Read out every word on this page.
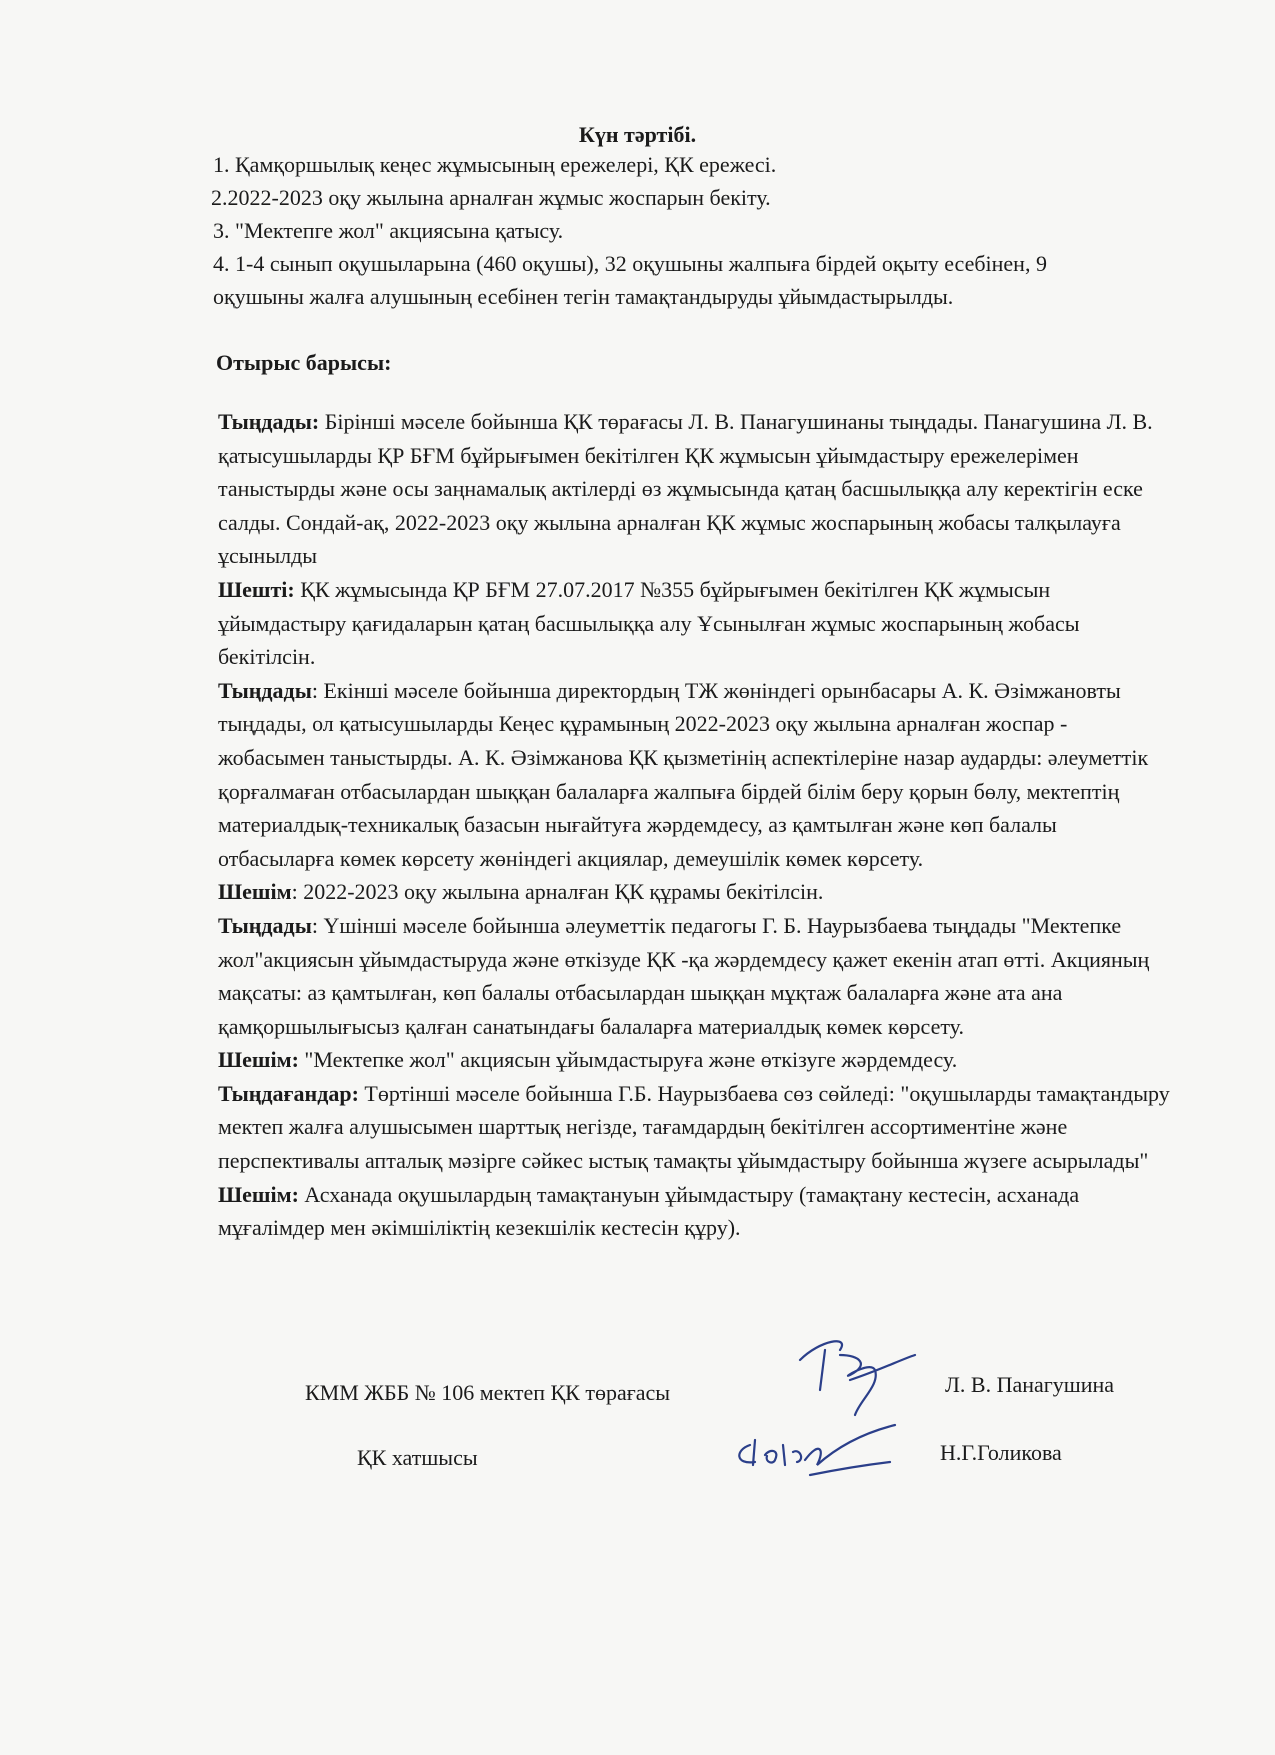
Күн тәртібі.
1. Қамқоршылық кеңес жұмысының ережелері, ҚК ережесі.
2.2022-2023 оқу жылына арналған жұмыс жоспарын бекіту.
3. "Мектепге жол" акциясына қатысу.
4. 1-4 сынып оқушыларына (460 оқушы), 32 оқушыны жалпыға бірдей оқыту есебінен, 9 оқушыны жалға алушының есебінен тегін тамақтандыруды ұйымдастырылды.
Отырыс барысы:

Тыңдады: Бірінші мәселе бойынша ҚК төрағасы Л. В. Панагушинаны тыңдады. Панагушина Л. В. қатысушыларды ҚР БҒМ бұйрығымен бекітілген ҚК жұмысын ұйымдастыру ережелерімен таныстырды және осы заңнамалық актілерді өз жұмысында қатаң басшылыққа алу керектігін еске салды. Сондай-ақ, 2022-2023 оқу жылына арналған ҚК жұмыс жоспарының жобасы талқылауға ұсынылды

Шешті: ҚК жұмысында ҚР БҒМ 27.07.2017 №355 бұйрығымен бекітілген ҚК жұмысын ұйымдастыру қағидаларын қатаң басшылыққа алу Ұсынылған жұмыс жоспарының жобасы бекітілсін.

Тыңдады: Екінші мәселе бойынша директордың ТЖ жөніндегі орынбасары А. К. Әзімжановты тыңдады, ол қатысушыларды Кеңес құрамының 2022-2023 оқу жылына арналған жоспар - жобасымен таныстырды. А. К. Әзімжанова ҚК қызметінің аспектілеріне назар аударды: әлеуметтік қорғалмаған отбасылардан шыққан балаларға жалпыға бірдей білім беру қорын бөлу, мектептің материалдық-техникалық базасын нығайтуға жәрдемдесу, аз қамтылған және көп балалы отбасыларға көмек көрсету жөніндегі акциялар, демеушілік көмек көрсету.

Шешім: 2022-2023 оқу жылына арналған ҚК құрамы бекітілсін.

Тыңдады: Үшінші мәселе бойынша әлеуметтік педагогы Г. Б. Наурызбаева тыңдады "Мектепке жол"акциясын ұйымдастыруда және өткізуде ҚК -қа жәрдемдесу қажет екенін атап өтті. Акцияның мақсаты: аз қамтылған, көп балалы отбасылардан шыққан мұқтаж балаларға және ата ана қамқоршылығысыз қалған санатындағы балаларға материалдық көмек көрсету.

Шешім: "Мектепке жол" акциясын ұйымдастыруға және өткізуге жәрдемдесу.

Тыңдағандар: Төртінші мәселе бойынша Г.Б. Наурызбаева сөз сөйледі: "оқушыларды тамақтандыру мектеп жалға алушысымен шарттық негізде, тағамдардың бекітілген ассортиментіне және перспективалы апталық мәзірге сәйкес ыстық тамақты ұйымдастыру бойынша жүзеге асырылады"

Шешім: Асханада оқушылардың тамақтануын ұйымдастыру (тамақтану кестесін, асханада мұғалімдер мен әкімшіліктің кезекшілік кестесін құру).

КММ ЖББ № 106 мектеп ҚК төрағасы	Л. В. Панагушина
ҚК хатшысы	Н.Г.Голикова
